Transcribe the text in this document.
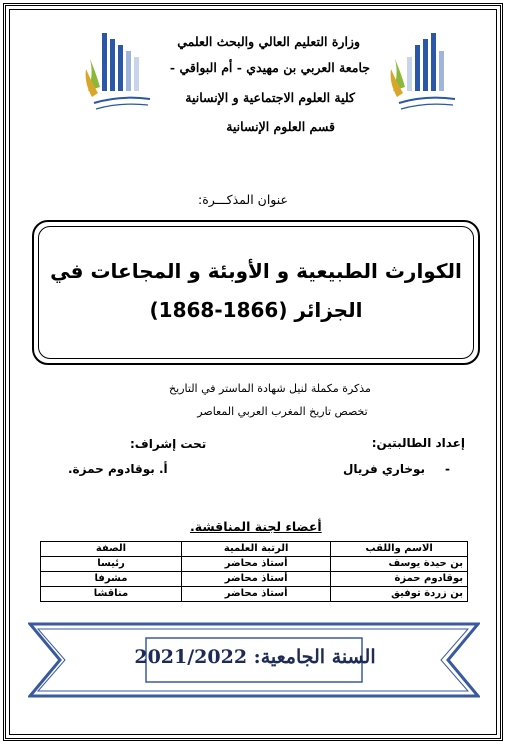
وزارة التعليم العالي والبحث العلمي
جامعة العربي بن مهيدي - أم البواقي -
كلية العلوم الاجتماعية و الإنسانية
قسم العلوم الإنسانية
عنوان المذكـــرة:
الكوارث الطبيعية و الأوبئة و المجاعات في
الجزائر (1866-1868)
مذكرة مكملة لنيل شهادة الماستر في التاريخ
تخصص تاريخ المغرب العربي المعاصر
إعداد الطالبتين:
تحت إشراف:
-بوخاري فريال
أ. بوقادوم حمزة.
أعضاء لجنة المناقشة.
الاسم واللقب	الرتبة العلمية	الصفة
بن حيدة يوسف	أستاذ محاضر	رئيسا
بوقادوم حمزة	أستاذ محاضر	مشرفا
بن زردة توفيق	أستاذ محاضر	مناقشا
السنة الجامعية: 2021/2022
